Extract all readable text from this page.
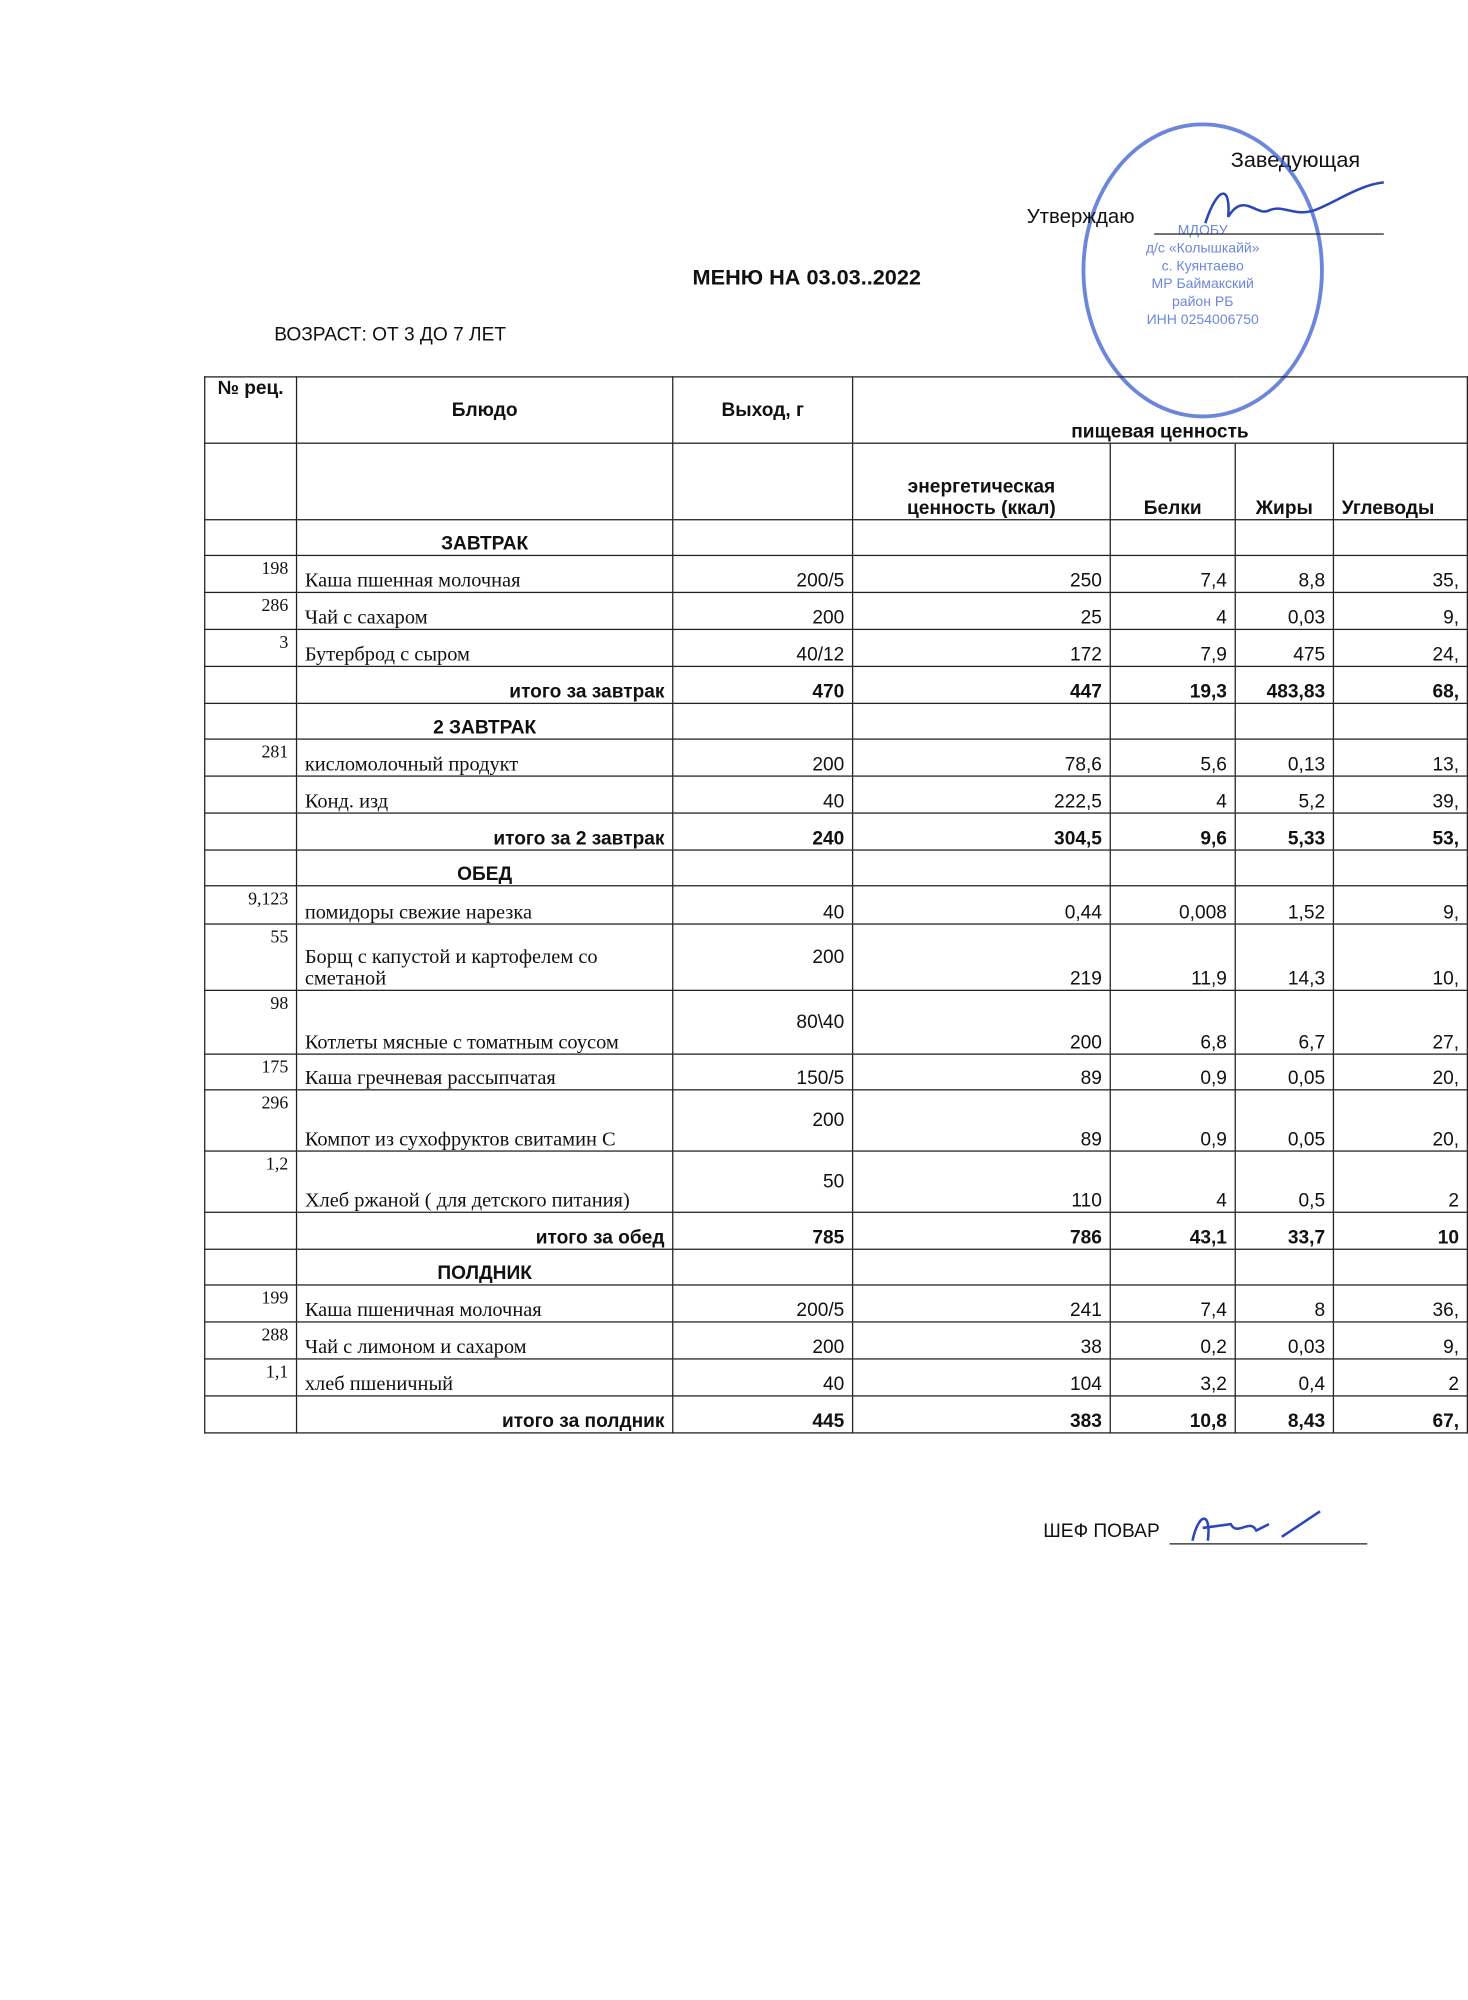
Заведующая
МДОБУ
д/с «Колышкайй»
с. Куянтаево
МР Баймакский
район РБ
ИНН 0254006750
Утверждаю
МЕНЮ НА 03.03..2022
ВОЗРАСТ: ОТ 3 ДО 7 ЛЕТ
№ рец.	Блюдо	Выход, г	пищевая ценность			
			энергетическая ценность (ккал)	Белки	Жиры	Углеводы
	ЗАВТРАК					
198	Каша пшенная молочная	200/5	250	7,4	8,8	35,
286	Чай с сахаром	200	25	4	0,03	9,
3	Бутерброд с сыром	40/12	172	7,9	475	24,
	итого за завтрак	470	447	19,3	483,83	68,
	2 ЗАВТРАК					
281	кисломолочный продукт	200	78,6	5,6	0,13	13,
	Конд. изд	40	222,5	4	5,2	39,
	итого за 2 завтрак	240	304,5	9,6	5,33	53,
	ОБЕД					
9,123	помидоры свежие нарезка	40	0,44	0,008	1,52	9,
55	Борщ с капустой и картофелем со сметаной	200	219	11,9	14,3	10,
98	Котлеты мясные с томатным соусом	80\40	200	6,8	6,7	27,
175	Каша гречневая рассыпчатая	150/5	89	0,9	0,05	20,
296	Компот из сухофруктов свитамин С	200	89	0,9	0,05	20,
1,2	Хлеб ржаной ( для детского питания)	50	110	4	0,5	2
	итого за обед	785	786	43,1	33,7	10
	ПОЛДНИК					
199	Каша пшеничная молочная	200/5	241	7,4	8	36,
288	Чай с лимоном и сахаром	200	38	0,2	0,03	9,
1,1	хлеб пшеничный	40	104	3,2	0,4	2
	итого за полдник	445	383	10,8	8,43	67,
ШЕФ ПОВАР
